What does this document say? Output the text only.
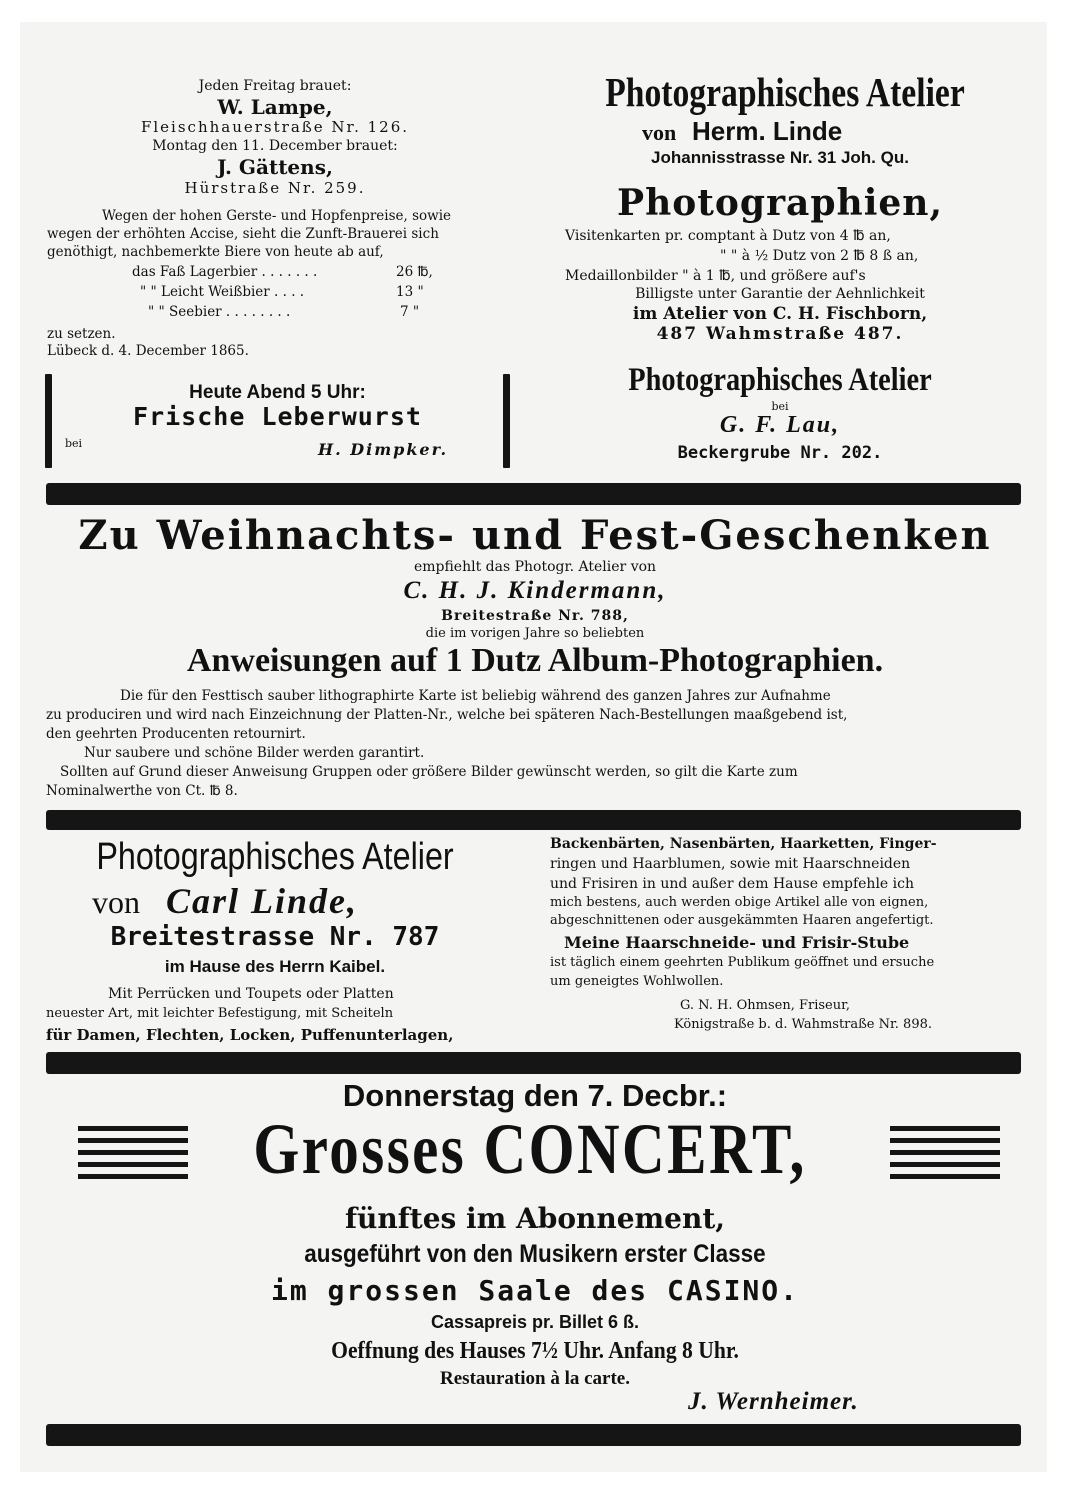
Jeden Freitag brauet:
W. Lampe,
Fleischhauerstraße Nr. 126.
Montag den 11. December brauet:
J. Gättens,
Hürstraße Nr. 259.
Wegen der hohen Gerste- und Hopfenpreise, sowie
wegen der erhöhten Accise, sieht die Zunft-Brauerei sich
genöthigt, nachbemerkte Biere von heute ab auf,
das Faß Lagerbier . . . . . . .	26 ℔,
" " Leicht Weißbier . . . .	13 "
" " Seebier . . . . . . . .	7 "
zu setzen.
Lübeck d. 4. December 1865.
Heute Abend 5 Uhr:
Frische Leberwurst
bei	H. Dimpker.
Photographisches Atelier
von Herm. Linde
Johannisstrasse Nr. 31 Joh. Qu.
Photographien,
Visitenkarten pr. comptant à Dutz von 4 ℔ an,
" " à ½ Dutz von 2 ℔ 8 ß an,
Medaillonbilder " à 1 ℔, und größere auf's
Billigste unter Garantie der Aehnlichkeit
im Atelier von C. H. Fischborn,
487 Wahmstraße 487.
Photographisches Atelier
bei
G. F. Lau,
Beckergrube Nr. 202.
Zu Weihnachts- und Fest-Geschenken
empfiehlt das Photogr. Atelier von
C. H. J. Kindermann,
Breitestraße Nr. 788,
die im vorigen Jahre so beliebten
Anweisungen auf 1 Dutz Album-Photographien.
Die für den Festtisch sauber lithographirte Karte ist beliebig während des ganzen Jahres zur Aufnahme
zu produciren und wird nach Einzeichnung der Platten-Nr., welche bei späteren Nach-Bestellungen maaßgebend ist,
den geehrten Producenten retournirt.
Nur saubere und schöne Bilder werden garantirt.
Sollten auf Grund dieser Anweisung Gruppen oder größere Bilder gewünscht werden, so gilt die Karte zum
Nominalwerthe von Ct. ℔ 8.
Photographisches Atelier
von Carl Linde,
Breitestrasse Nr. 787
im Hause des Herrn Kaibel.
Mit Perrücken und Toupets oder Platten
neuester Art, mit leichter Befestigung, mit Scheiteln
für Damen, Flechten, Locken, Puffenunterlagen,
Backenbärten, Nasenbärten, Haarketten, Finger-
ringen und Haarblumen, sowie mit Haarschneiden
und Frisiren in und außer dem Hause empfehle ich
mich bestens, auch werden obige Artikel alle von eignen,
abgeschnittenen oder ausgekämmten Haaren angefertigt.
Meine Haarschneide- und Frisir-Stube
ist täglich einem geehrten Publikum geöffnet und ersuche
um geneigtes Wohlwollen.
G. N. H. Ohmsen, Friseur,
Königstraße b. d. Wahmstraße Nr. 898.
Donnerstag den 7. Decbr.:
Grosses CONCERT,
fünftes im Abonnement,
ausgeführt von den Musikern erster Classe
im grossen Saale des CASINO.
Cassapreis pr. Billet 6 ß.
Oeffnung des Hauses 7½ Uhr. Anfang 8 Uhr.
Restauration à la carte.
J. Wernheimer.
